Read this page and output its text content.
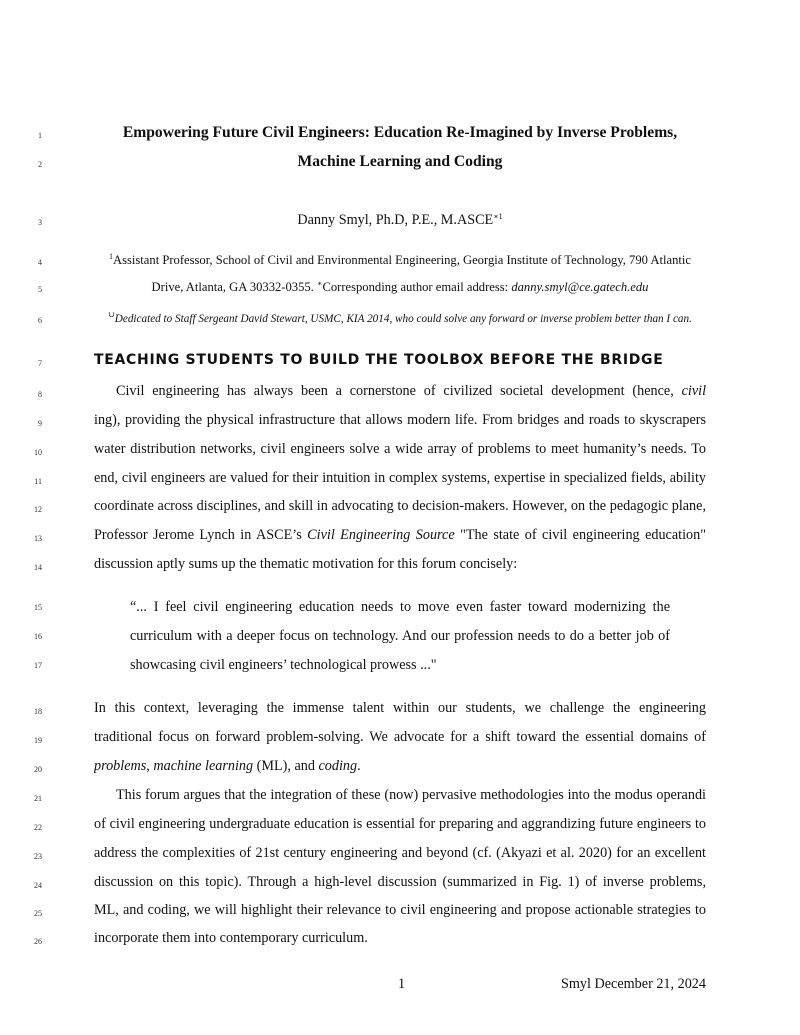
1
2
3
4
5
6
7
8
9
10
11
12
13
14
15
16
17
18
19
20
21
22
23
24
25
26
Empowering Future Civil Engineers: Education Re-Imagined by Inverse Problems,
Machine Learning and Coding
Danny Smyl, Ph.D, P.E., $M.ASCE^{∗1}$
$^1$Assistant Professor, School of Civil and Environmental Engineering, Georgia Institute of Technology, 790 Atlantic
Drive, Atlanta, GA 30332-0355. ∗Corresponding author email address: danny.smyl@ce.gatech.edu
∪Dedicated to Staff Sergeant David Stewart, USMC, KIA 2014, who could solve any forward or inverse problem better than I can.
TEACHING STUDENTS TO BUILD THE TOOLBOX BEFORE THE BRIDGE
Civil engineering has always been a cornerstone of civilized societal development (hence, civil
ing), providing the physical infrastructure that allows modern life. From bridges and roads to skyscrapers
water distribution networks, civil engineers solve a wide array of problems to meet humanity’s needs. To
end, civil engineers are valued for their intuition in complex systems, expertise in specialized fields, ability
coordinate across disciplines, and skill in advocating to decision-makers. However, on the pedagogic plane,
Professor Jerome Lynch in ASCE’s Civil Engineering Source "The state of civil engineering education"
discussion aptly sums up the thematic motivation for this forum concisely:
“... I feel civil engineering education needs to move even faster toward modernizing the
curriculum with a deeper focus on technology. And our profession needs to do a better job of
showcasing civil engineers’ technological prowess ..."
In this context, leveraging the immense talent within our students, we challenge the engineering
traditional focus on forward problem-solving. We advocate for a shift toward the essential domains of
problems, machine learning (ML), and coding.
This forum argues that the integration of these (now) pervasive methodologies into the modus operandi
of civil engineering undergraduate education is essential for preparing and aggrandizing future engineers to
address the complexities of 21st century engineering and beyond (cf. (Akyazi et al. 2020) for an excellent
discussion on this topic). Through a high-level discussion (summarized in Fig. 1) of inverse problems,
ML, and coding, we will highlight their relevance to civil engineering and propose actionable strategies to
incorporate them into contemporary curriculum.
1	Smyl December 21, 2024
